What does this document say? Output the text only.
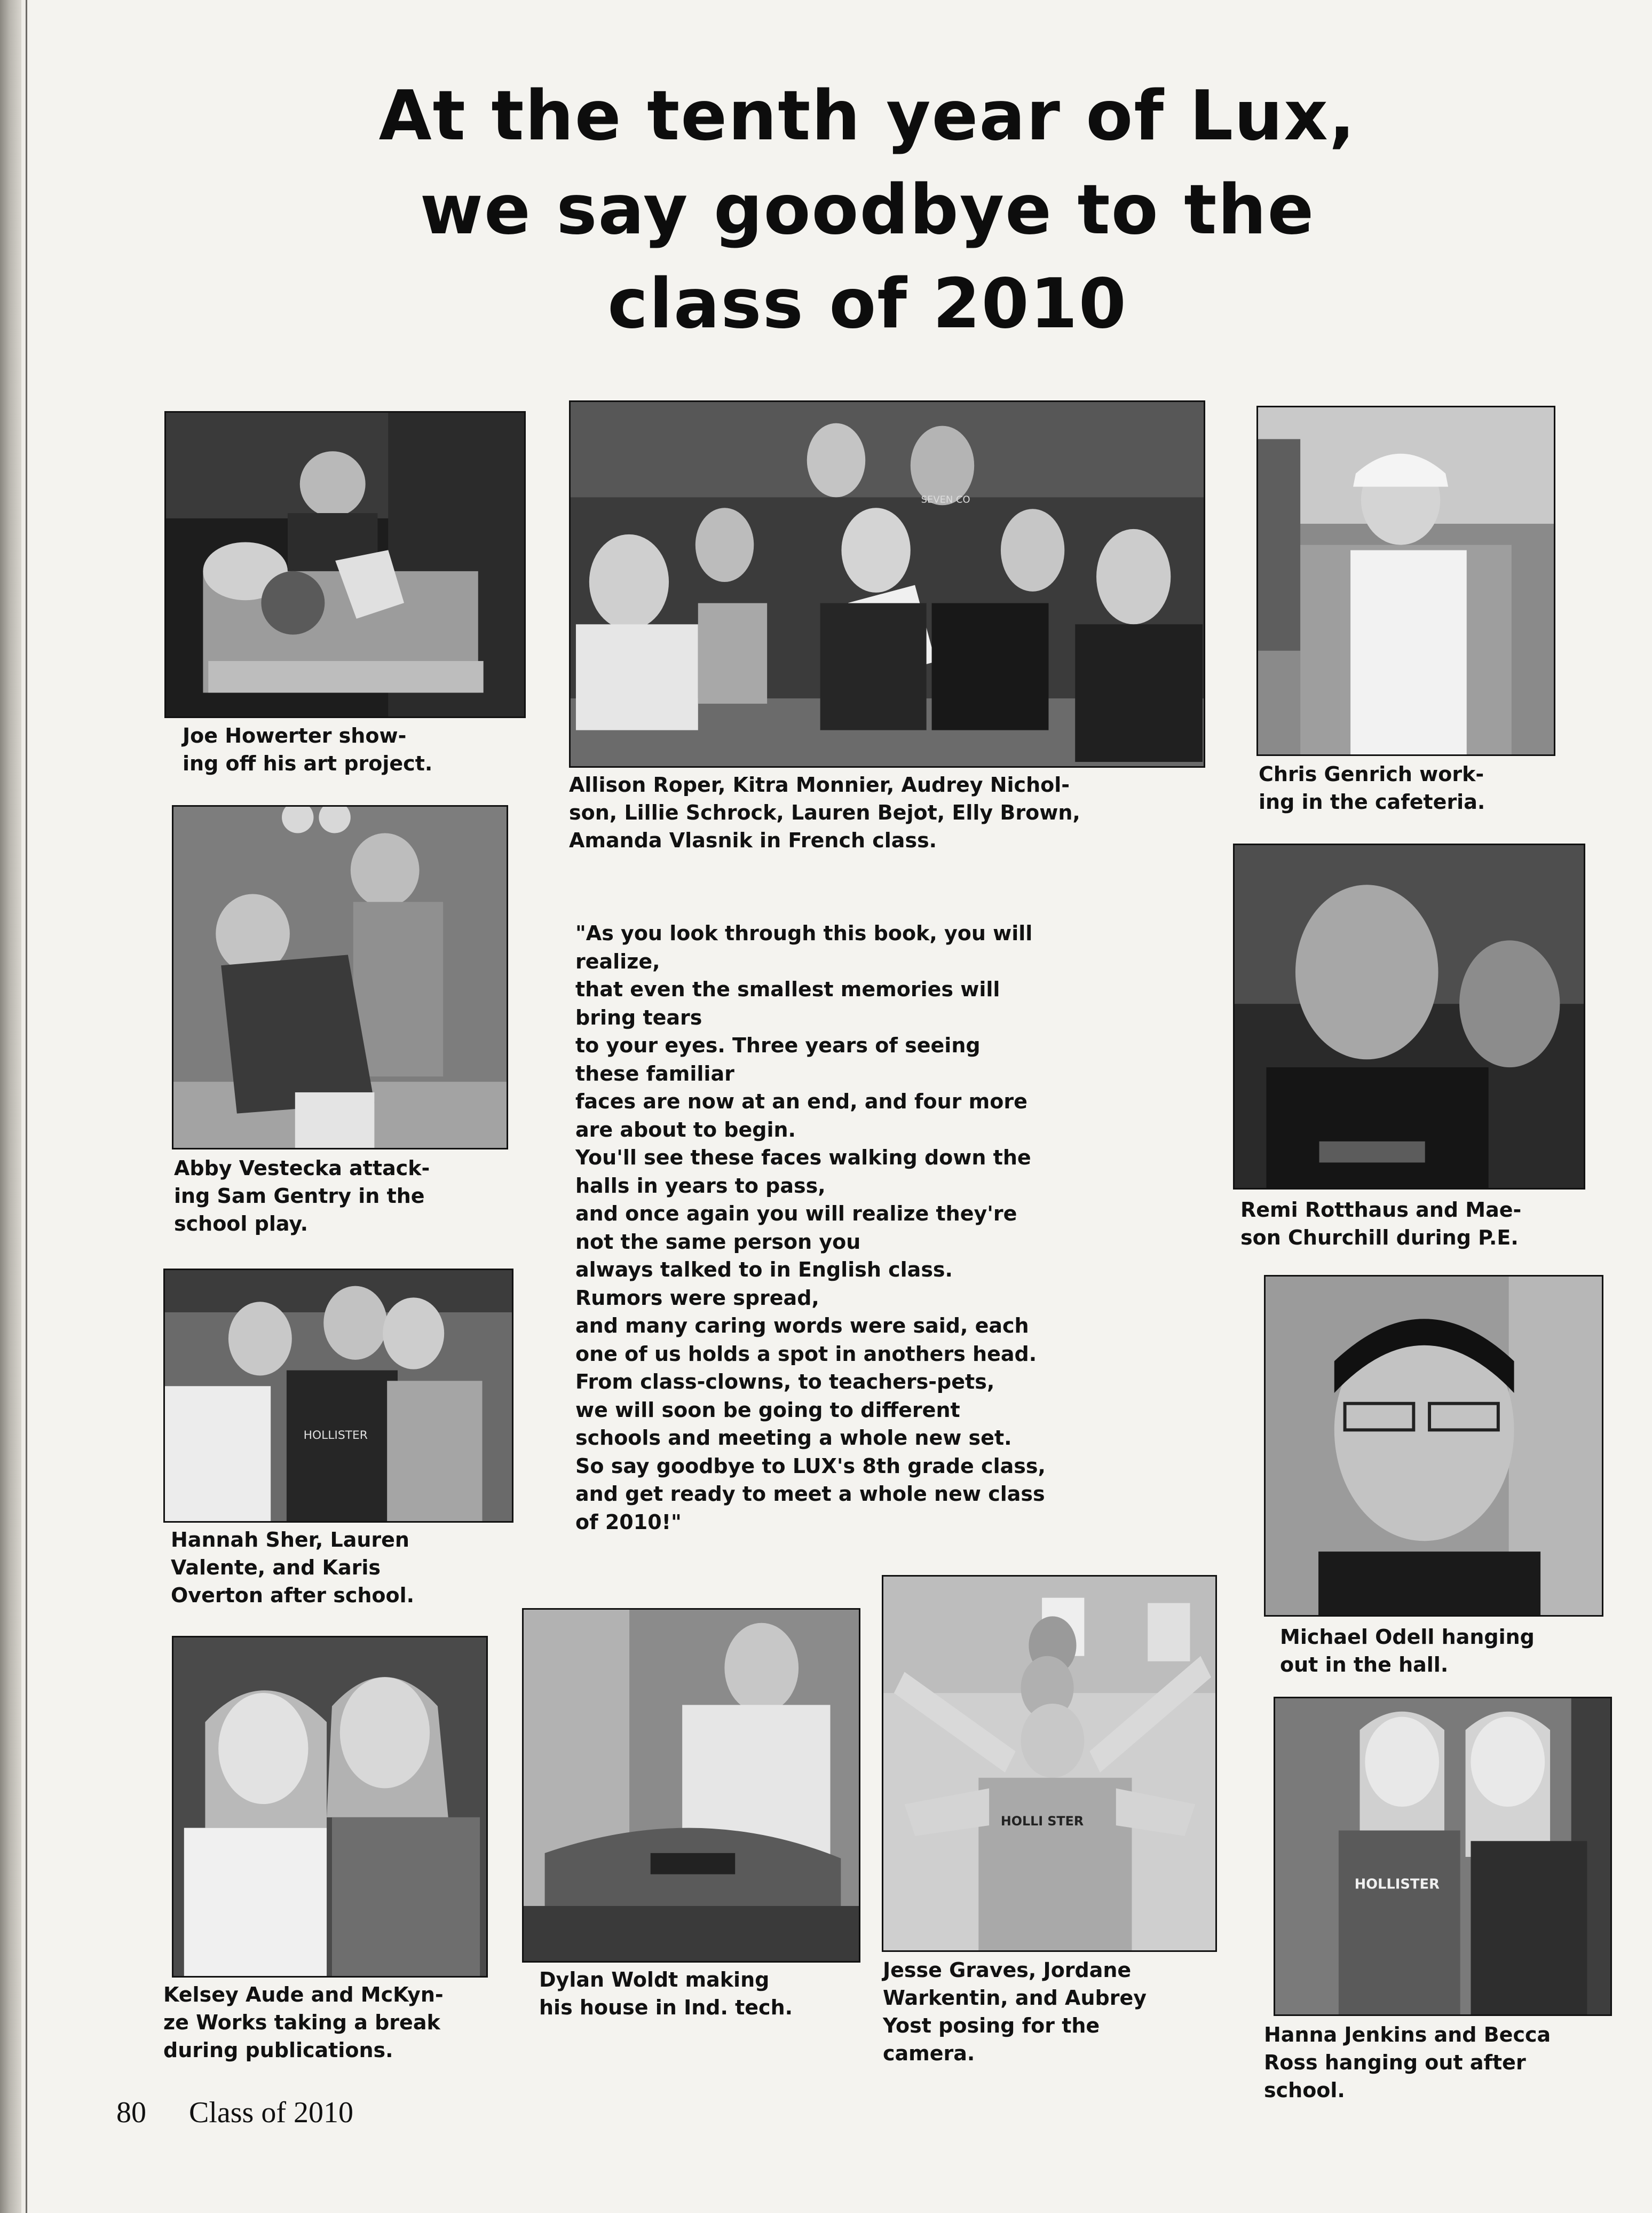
At the tenth year of Lux,
we say goodbye to the
class of 2010
Joe Howerter show-
ing off his art project.
SEVEN CO
Allison Roper, Kitra Monnier, Audrey Nichol-
son, Lillie Schrock, Lauren Bejot, Elly Brown,
Amanda Vlasnik in French class.
Chris Genrich work-
ing in the cafeteria.
Abby Vestecka attack-
ing Sam Gentry in the
school play.
Remi Rotthaus and Mae-
son Churchill during P.E.
"As you look through this book, you will
realize,
that even the smallest memories will
bring tears
to your eyes. Three years of seeing
these familiar
faces are now at an end, and four more
are about to begin.
You'll see these faces walking down the
halls in years to pass,
and once again you will realize they're
not the same person you
always talked to in English class.
Rumors were spread,
and many caring words were said, each
one of us holds a spot in anothers head.
From class-clowns, to teachers-pets,
we will soon be going to different
schools and meeting a whole new set.
So say goodbye to LUX's 8th grade class,
and get ready to meet a whole new class
of 2010!"
HOLLISTER
Hannah Sher, Lauren
Valente, and Karis
Overton after school.
Michael Odell hanging
out in the hall.
Kelsey Aude and McKyn-
ze Works taking a break
during publications.
Dylan Woldt making
his house in Ind. tech.
HOLLI STER
Jesse Graves, Jordane
Warkentin, and Aubrey
Yost posing for the
camera.
HOLLISTER
Hanna Jenkins and Becca
Ross hanging out after
school.
80 Class of 2010
